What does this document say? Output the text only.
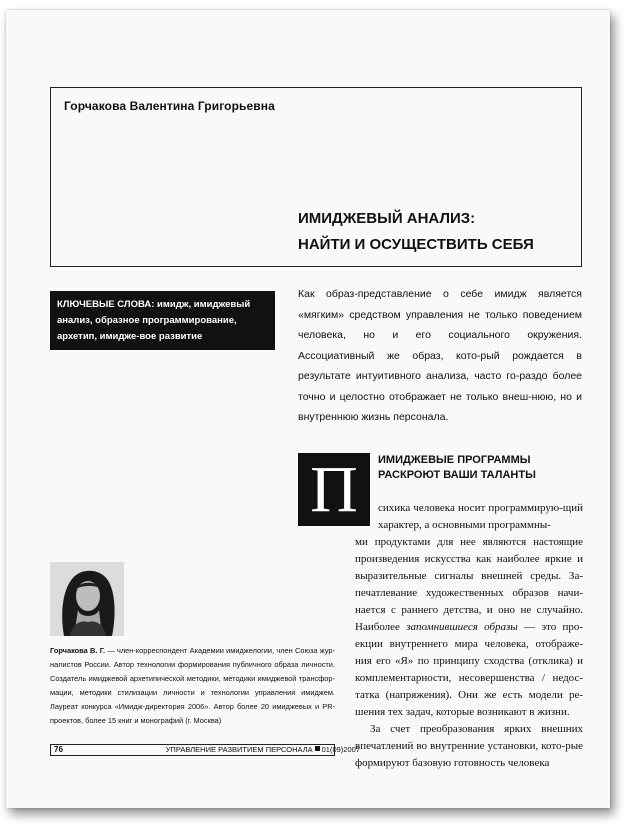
Горчакова Валентина Григорьевна
ИМИДЖЕВЫЙ АНАЛИЗ:
НАЙТИ И ОСУЩЕСТВИТЬ СЕБЯ
КЛЮЧЕВЫЕ СЛОВА: имидж, имиджевый анализ, образное программирование, архетип, имидже-вое развитие

Как образ-представление о себе имидж является «мягким» средством управления не только поведением человека, но и его социального окружения. Ассоциативный же образ, кото-рый рождается в результате интуитивного анализа, часто го-раздо более точно и целостно отображает не только внеш-нюю, но и внутреннюю жизнь персонала.

П	ИМИДЖЕВЫЕ ПРОГРАММЫ РАСКРОЮТ ВАШИ ТАЛАНТЫ

сихика человека носит программирую-щий характер, а основными программны-

ми продуктами для нее являются настоящие произведения искусства как наиболее яркие и выразительные сигналы внешней среды. За-печатлевание художественных образов начи-нается с раннего детства, и оно не случайно. Наиболее запомнившиеся образы — это про-екции внутреннего мира человека, отображе-ния его «Я» по принципу сходства (отклика) и комплементарности, несовершенства / недос-татка (напряжения). Они же есть модели ре-шения тех задач, которые возникают в жизни.

За счет преобразования ярких внешних впечатлений во внутренние установки, кото-рые формируют базовую готовность человека

Горчакова В. Г. — член-корреспондент Академии имиджелогии, член Союза жур-налистов России. Автор технологии формирования публичного образа личности. Создатель имиджевой архетипической методики, методики имиджевой трансфор-мации, методики стилизации личности и технологии управления имиджем. Лауреат конкурса «Имидж-директория 2006». Автор более 20 имиджевых и PR-проектов, более 15 книг и монографий (г. Москва)
76	УПРАВЛЕНИЕ РАЗВИТИЕМ ПЕРСОНАЛА 01(09)2007
